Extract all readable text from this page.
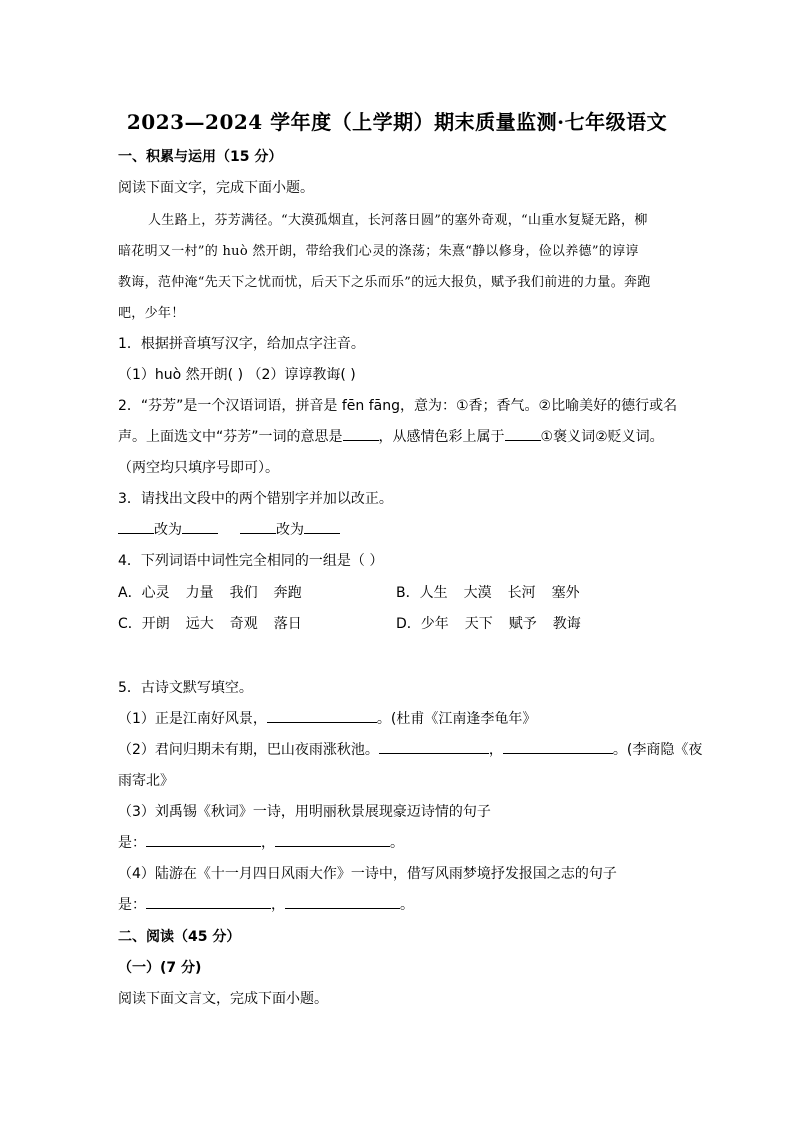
2023—2024 学年度（上学期）期末质量监测·七年级语文
一、积累与运用（15 分）
阅读下面文字，完成下面小题。
人生路上，芬芳满径。“大漠孤烟直，长河落日圆”的塞外奇观，“山重水复疑无路，柳
暗花明又一村”的 huò 然开朗，带给我们心灵的涤荡；朱熹“静以修身，俭以养德”的谆谆
教诲，范仲淹“先天下之忧而忧，后天下之乐而乐”的远大报负，赋予我们前进的力量。奔跑
吧，少年！
1．根据拼音填写汉字，给加点字注音。
（1）huò 然开朗( ) （2）谆谆教诲( )
2．“芬芳”是一个汉语词语，拼音是 fēn fāng，意为：①香；香气。②比喻美好的德行或名
声。上面选文中“芬芳”一词的意思是	，从感情色彩上属于	①褒义词②贬义词。
（两空均只填序号即可）。
3．请找出文段中的两个错别字并加以改正。
改为	改为
4．下列词语中词性完全相同的一组是（ ）
A．心灵 力量 我们 奔跑	B．人生 大漠 长河 塞外
C．开朗 远大 奇观 落日	D．少年 天下 赋予 教诲
5．古诗文默写填空。
（1）正是江南好风景，	。(杜甫《江南逢李龟年》
（2）君问归期未有期，巴山夜雨涨秋池。	，	。(李商隐《夜
雨寄北》
（3）刘禹锡《秋词》一诗，用明丽秋景展现豪迈诗情的句子
是：	，	。
（4）陆游在《十一月四日风雨大作》一诗中，借写风雨梦境抒发报国之志的句子
是：	，	。
二、阅读（45 分）
（一）(7 分)
阅读下面文言文，完成下面小题。
